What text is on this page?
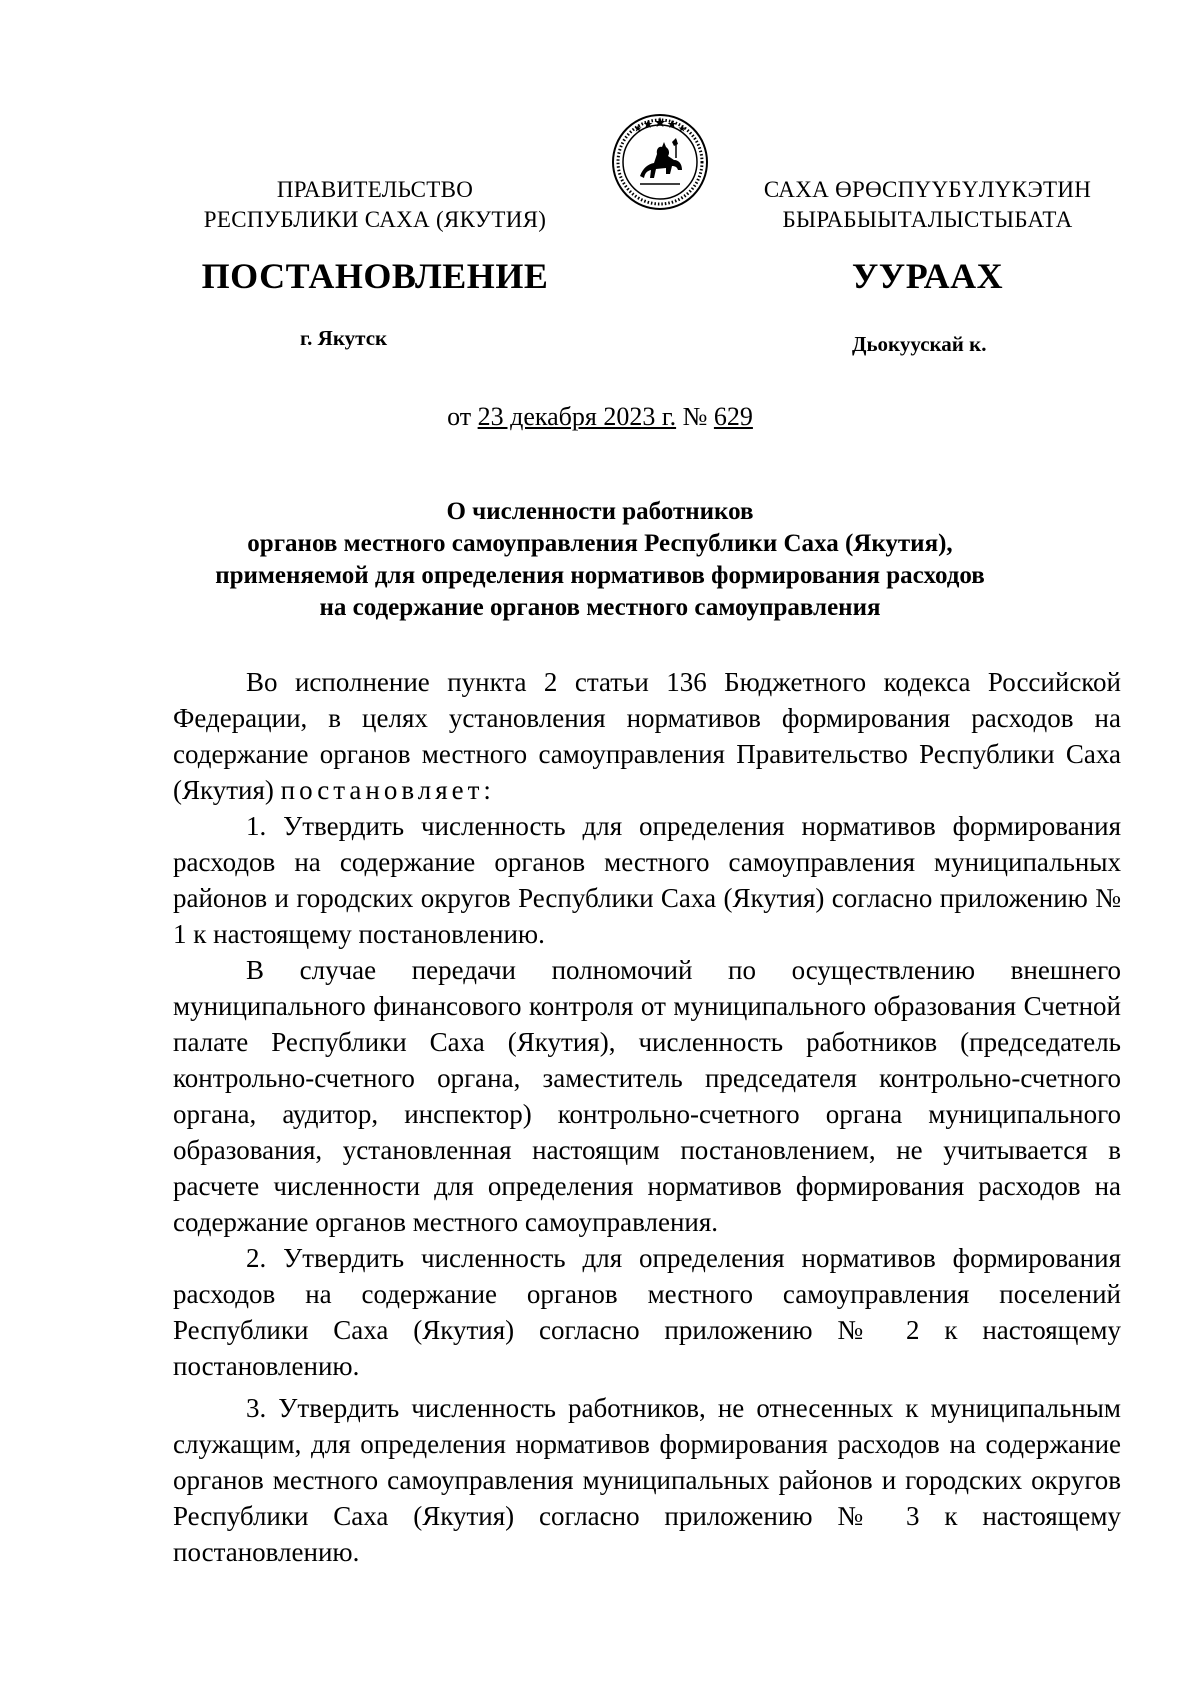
ПРАВИТЕЛЬСТВО
РЕСПУБЛИКИ САХА (ЯКУТИЯ)
САХА ӨРӨСПҮҮБҮЛҮКЭТИН
БЫРАБЫЫТАЛЫСТЫБАТА
ПОСТАНОВЛЕНИЕ	УУРААХ
г. Якутск	Дьокуускай к.
от 23 декабря 2023 г. № 629
О численности работников
органов местного самоуправления Республики Саха (Якутия),
применяемой для определения нормативов формирования расходов
на содержание органов местного самоуправления

Во исполнение пункта 2 статьи 136 Бюджетного кодекса Российской Федерации, в целях установления нормативов формирования расходов на содержание органов местного самоуправления Правительство Республики Саха (Якутия) постановляет:

1. Утвердить численность для определения нормативов формирования расходов на содержание органов местного самоуправления муниципальных районов и городских округов Республики Саха (Якутия) согласно приложению № 1 к настоящему постановлению.

В случае передачи полномочий по осуществлению внешнего муниципального финансового контроля от муниципального образования Счетной палате Республики Саха (Якутия), численность работников (председатель контрольно-счетного органа, заместитель председателя контрольно-счетного органа, аудитор, инспектор) контрольно-счетного органа муниципального образования, установленная настоящим постановлением, не учитывается в расчете численности для определения нормативов формирования расходов на содержание органов местного самоуправления.

2. Утвердить численность для определения нормативов формирования расходов на содержание органов местного самоуправления поселений Республики Саха (Якутия) согласно приложению № 2 к настоящему постановлению.

3. Утвердить численность работников, не отнесенных к муниципальным служащим, для определения нормативов формирования расходов на содержание органов местного самоуправления муниципальных районов и городских округов Республики Саха (Якутия) согласно приложению № 3 к настоящему постановлению.
